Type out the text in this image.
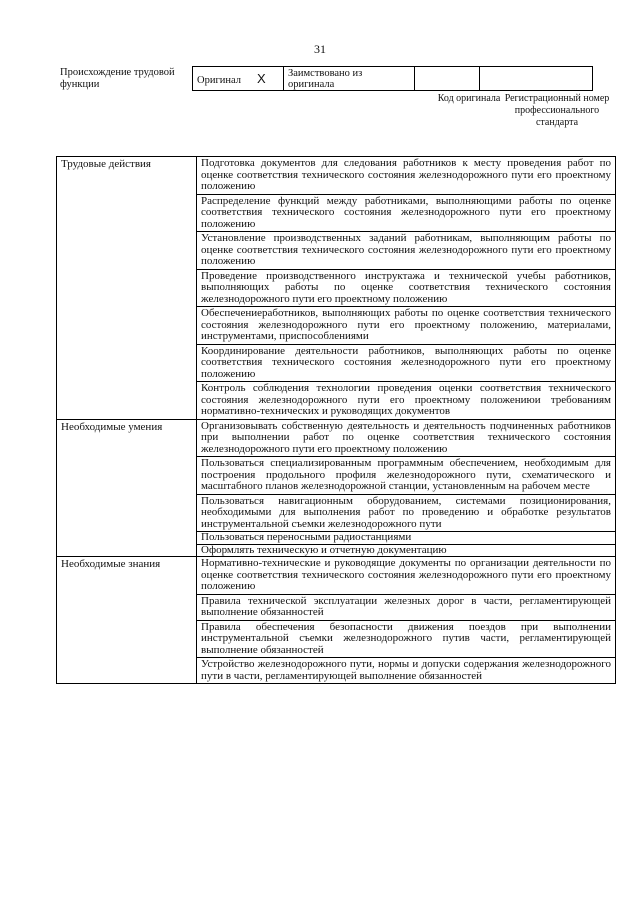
31
Происхождение трудовой функции	Оригинал X	Заимствовано из оригинала		
Код оригинала Регистрационный номер профессионального стандарта
Трудовые действия	Подготовка документов для следования работников к месту проведения работ по оценке соответствия технического состояния железнодорожного пути его проектному положению
	Распределение функций между работниками, выполняющими работы по оценке соответствия технического состояния железнодорожного пути его проектному положению
	Установление производственных заданий работникам, выполняющим работы по оценке соответствия технического состояния железнодорожного пути его проектному положению
	Проведение производственного инструктажа и технической учебы работников, выполняющих работы по оценке соответствия технического состояния железнодорожного пути его проектному положению
	Обеспечениеработников, выполняющих работы по оценке соответствия технического состояния железнодорожного пути его проектному положению, материалами, инструментами, приспособлениями
	Координирование деятельности работников, выполняющих работы по оценке соответствия технического состояния железнодорожного пути его проектному положению
	Контроль соблюдения технологии проведения оценки соответствия технического состояния железнодорожного пути его проектному положениюи требованиям нормативно-технических и руководящих документов
Необходимые умения	Организовывать собственную деятельность и деятельность подчиненных работников при выполнении работ по оценке соответствия технического состояния железнодорожного пути его проектному положению
	Пользоваться специализированным программным обеспечением, необходимым для построения продольного профиля железнодорожного пути, схематического и масштабного планов железнодорожной станции, установленным на рабочем месте
	Пользоваться навигационным оборудованием, системами позиционирования, необходимыми для выполнения работ по проведению и обработке результатов инструментальной съемки железнодорожного пути
	Пользоваться переносными радиостанциями
	Оформлять техническую и отчетную документацию
Необходимые знания	Нормативно-технические и руководящие документы по организации деятельности по оценке соответствия технического состояния железнодорожного пути его проектному положению
	Правила технической эксплуатации железных дорог в части, регламентирующей выполнение обязанностей
	Правила обеспечения безопасности движения поездов при выполнении инструментальной съемки железнодорожного путив части, регламентирующей выполнение обязанностей
	Устройство железнодорожного пути, нормы и допуски содержания железнодорожного пути в части, регламентирующей выполнение обязанностей
